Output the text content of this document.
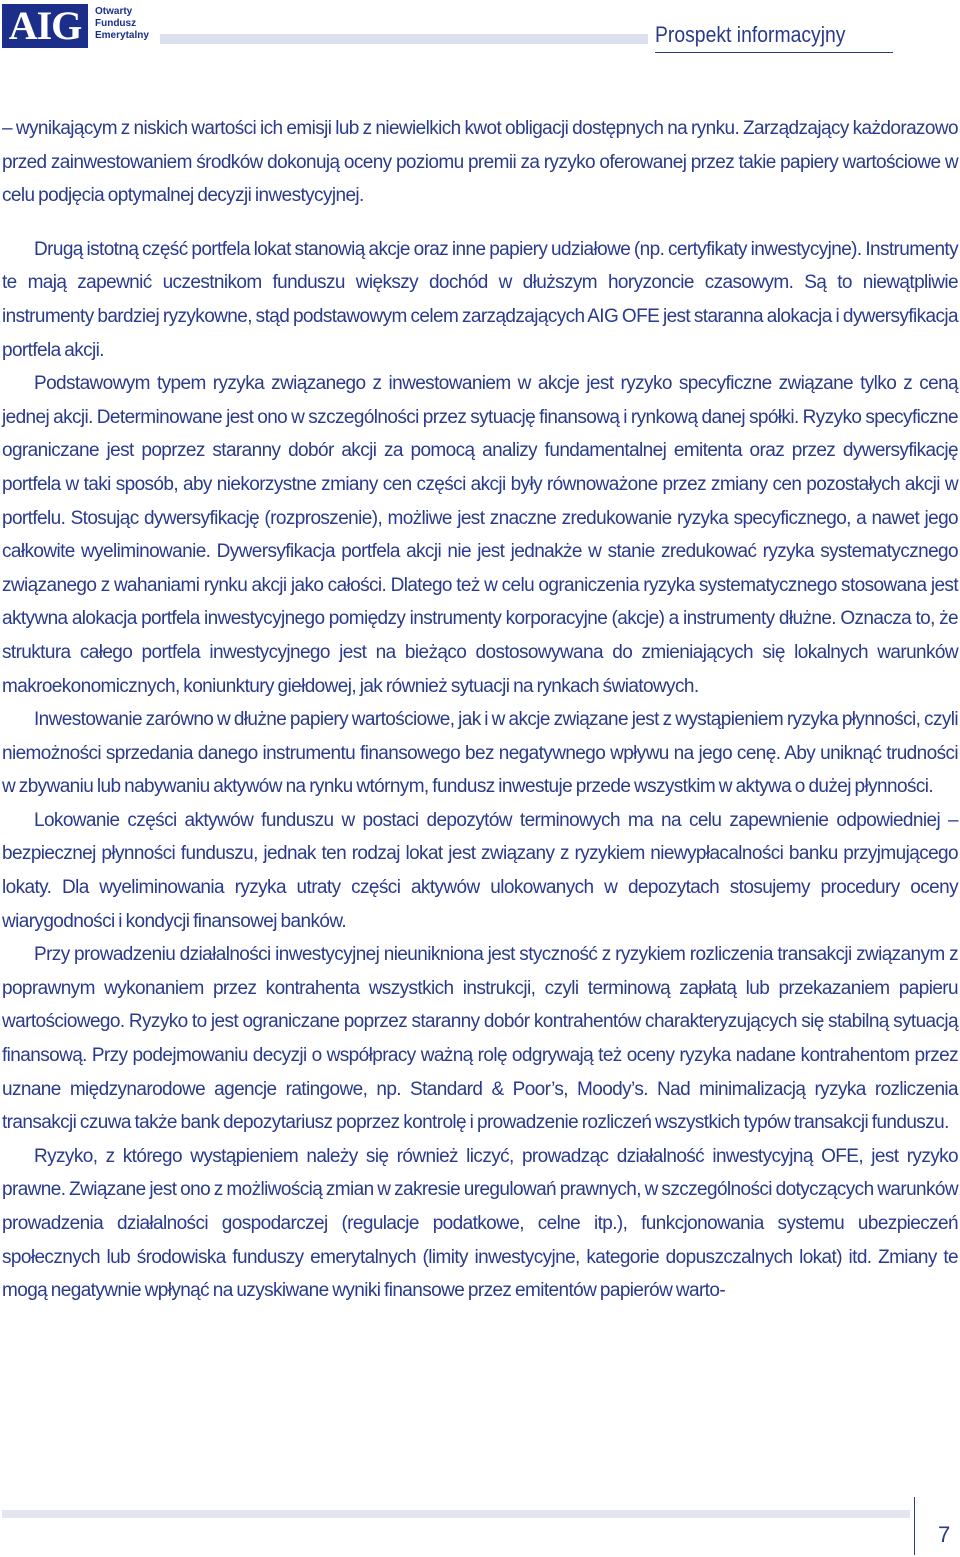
AIG	Otwarty
Fundusz
Emerytalny	Prospekt informacyjny

– wynikającym z niskich wartości ich emisji lub z niewielkich kwot obligacji dostępnych na rynku. Zarządzający każdorazowo przed zainwestowaniem środków dokonują oceny poziomu premii za ryzyko oferowanej przez takie papiery wartościowe w celu podjęcia optymalnej decyzji inwestycyjnej.

Drugą istotną część portfela lokat stanowią akcje oraz inne papiery udziałowe (np. certyfikaty inwestycyjne). Instrumenty te mają zapewnić uczestnikom funduszu większy dochód w dłuższym horyzoncie czasowym. Są to niewątpliwie instrumenty bardziej ryzykowne, stąd podstawowym celem zarządzających AIG OFE jest staranna alokacja i dywersyfikacja portfela akcji.

Podstawowym typem ryzyka związanego z inwestowaniem w akcje jest ryzyko specyficzne związane tylko z ceną jednej akcji. Determinowane jest ono w szczególności przez sytuację finansową i rynkową danej spółki. Ryzyko specyficzne ograniczane jest poprzez staranny dobór akcji za pomocą analizy fundamentalnej emitenta oraz przez dywersyfikację portfela w taki sposób, aby niekorzystne zmiany cen części akcji były równoważone przez zmiany cen pozostałych akcji w portfelu. Stosując dywersyfikację (rozproszenie), możliwe jest znaczne zredukowanie ryzyka specyficznego, a nawet jego całkowite wyeliminowanie. Dywersyfikacja portfela akcji nie jest jednakże w stanie zredukować ryzyka systematycznego związanego z wahaniami rynku akcji jako całości. Dlatego też w celu ograniczenia ryzyka systematycznego stosowana jest aktywna alokacja portfela inwestycyjnego pomiędzy instrumenty korporacyjne (akcje) a instrumenty dłużne. Oznacza to, że struktura całego portfela inwestycyjnego jest na bieżąco dostosowywana do zmieniających się lokalnych warunków makroekonomicznych, koniunktury giełdowej, jak również sytuacji na rynkach światowych.

Inwestowanie zarówno w dłużne papiery wartościowe, jak i w akcje związane jest z wystąpieniem ryzyka płynności, czyli niemożności sprzedania danego instrumentu finansowego bez negatywnego wpływu na jego cenę. Aby uniknąć trudności w zbywaniu lub nabywaniu aktywów na rynku wtórnym, fundusz inwestuje przede wszystkim w aktywa o dużej płynności.

Lokowanie części aktywów funduszu w postaci depozytów terminowych ma na celu zapewnienie odpowiedniej – bezpiecznej płynności funduszu, jednak ten rodzaj lokat jest związany z ryzykiem niewypłacalności banku przyjmującego lokaty. Dla wyeliminowania ryzyka utraty części aktywów ulokowanych w depozytach stosujemy procedury oceny wiarygodności i kondycji finansowej banków.

Przy prowadzeniu działalności inwestycyjnej nieunikniona jest styczność z ryzykiem rozliczenia transakcji związanym z poprawnym wykonaniem przez kontrahenta wszystkich instrukcji, czyli terminową zapłatą lub przekazaniem papieru wartościowego. Ryzyko to jest ograniczane poprzez staranny dobór kontrahentów charakteryzujących się stabilną sytuacją finansową. Przy podejmowaniu decyzji o współpracy ważną rolę odgrywają też oceny ryzyka nadane kontrahentom przez uznane międzynarodowe agencje ratingowe, np. Standard & Poor’s, Moody’s. Nad minimalizacją ryzyka rozliczenia transakcji czuwa także bank depozytariusz poprzez kontrolę i prowadzenie rozliczeń wszystkich typów transakcji funduszu.

Ryzyko, z którego wystąpieniem należy się również liczyć, prowadząc działalność inwestycyjną OFE, jest ryzyko prawne. Związane jest ono z możliwością zmian w zakresie uregulowań prawnych, w szczególności dotyczących warunków prowadzenia działalności gospodarczej (regulacje podatkowe, celne itp.), funkcjonowania systemu ubezpieczeń społecznych lub środowiska funduszy emerytalnych (limity inwestycyjne, kategorie dopuszczalnych lokat) itd. Zmiany te mogą negatywnie wpłynąć na uzyskiwane wyniki finansowe przez emitentów papierów warto-

7
